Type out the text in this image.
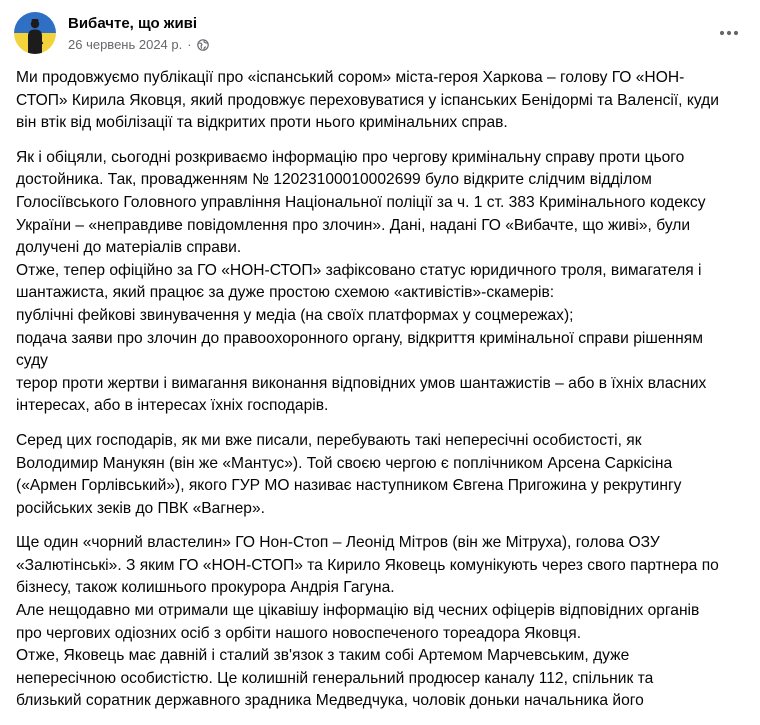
Вибачте, що живі
26 червень 2024 р. ·
Ми продовжуємо публікації про «іспанський сором» міста-героя Харкова – голову ГО «НОН-
СТОП» Кирила Яковця, який продовжує переховуватися у іспанських Бенідормі та Валенсії, куди
він втік від мобілізації та відкритих проти нього кримінальних справ.
Як і обіцяли, сьогодні розкриваємо інформацію про чергову кримінальну справу проти цього
достойника. Так, провадженням № 12023100010002699 було відкрите слідчим відділом
Голосіївського Головного управління Національної поліції за ч. 1 ст. 383 Кримінального кодексу
України – «неправдиве повідомлення про злочин». Дані, надані ГО «Вибачте, що живі», були
долучені до матеріалів справи.
Отже, тепер офіційно за ГО «НОН-СТОП» зафіксовано статус юридичного троля, вимагателя і
шантажиста, який працює за дуже простою схемою «активістів»-скамерів:
публічні фейкові звинувачення у медіа (на своїх платформах у соцмережах);
подача заяви про злочин до правоохоронного органу, відкриття кримінальної справи рішенням
суду
терор проти жертви і вимагання виконання відповідних умов шантажистів – або в їхніх власних
інтересах, або в інтересах їхніх господарів.
Серед цих господарів, як ми вже писали, перебувають такі непересічні особистості, як
Володимир Манукян (він же «Мантус»). Той своєю чергою є поплічником Арсена Саркісіна
(«Армен Горлівський»), якого ГУР МО називає наступником Євгена Пригожина у рекрутингу
російських зеків до ПВК «Вагнер».
Ще один «чорний властелин» ГО Нон-Стоп – Леонід Мітров (він же Мітруха), голова ОЗУ
«Залютінські». З яким ГО «НОН-СТОП» та Кирило Яковець комунікують через свого партнера по
бізнесу, також колишнього прокурора Андрія Гагуна.
Але нещодавно ми отримали ще цікавішу інформацію від чесних офіцерів відповідних органів
про чергових одіозних осіб з орбіти нашого новоспеченого тореадора Яковця.
Отже, Яковець має давній і сталий зв'язок з таким собі Артемом Марчевським, дуже
непересічною особистістю. Це колишній генеральний продюсер каналу 112, спільник та
близький соратник державного зрадника Медведчука, чоловік доньки начальника його
